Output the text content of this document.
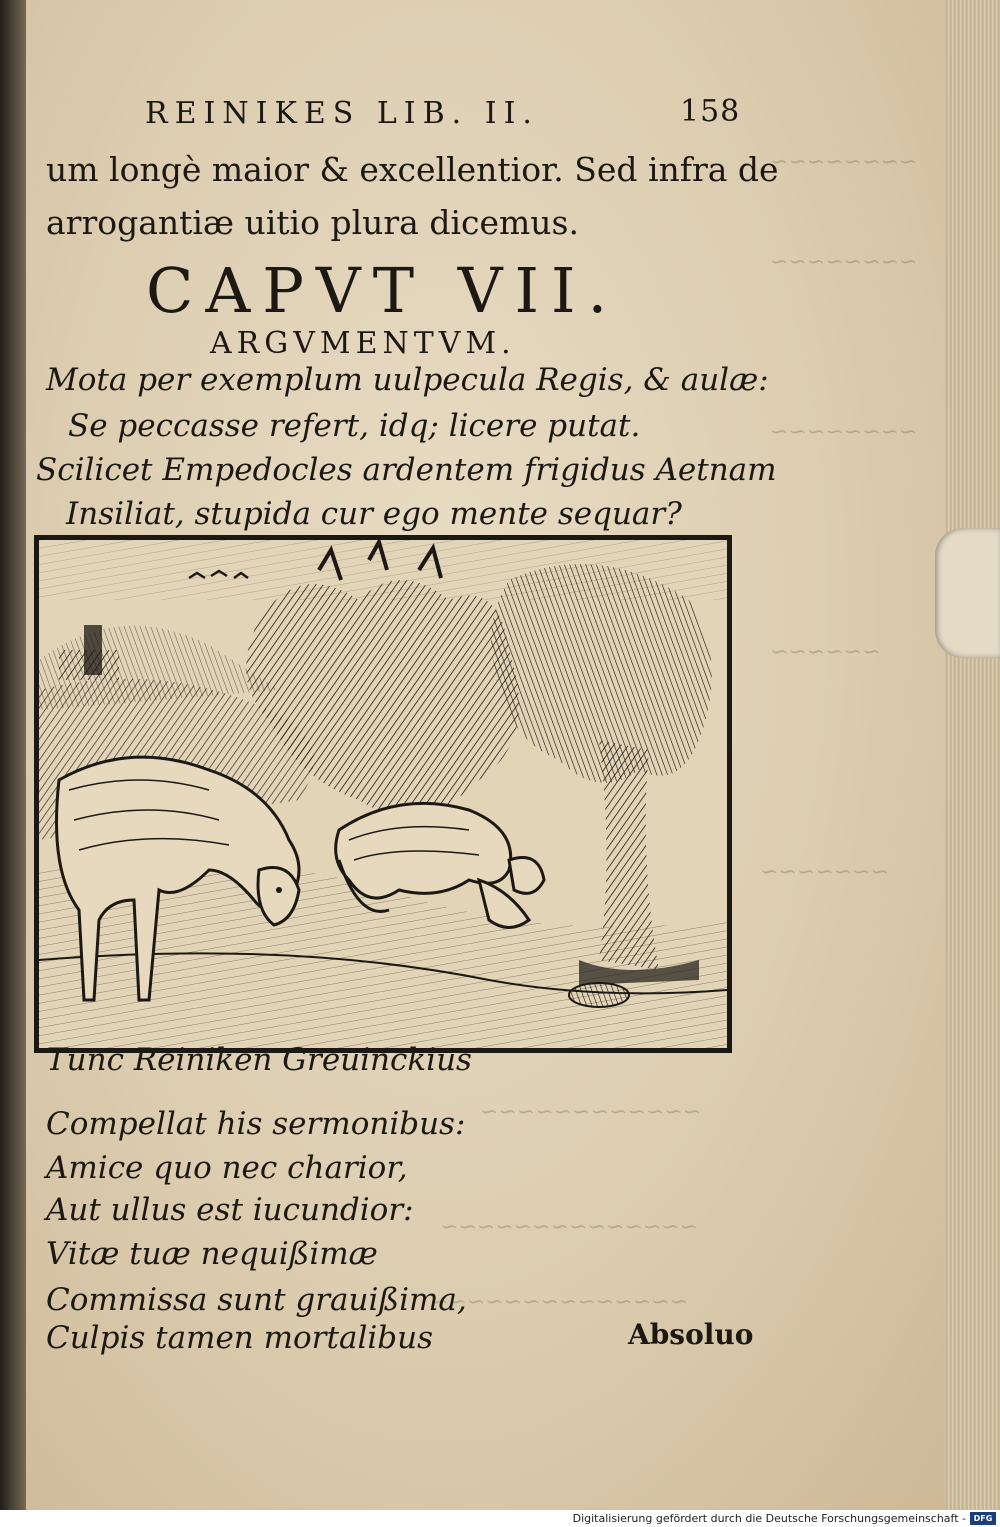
~~~~~~~~
~~~~~~~~
~~~~~~~~
~~~~~~
~~~~~~~
~~~~~~~~~~~~
~~~~~~~~~~~~~~
~~~~~~~~~~~~~~
REINIKES LIB. II.	158
um longè maior & excellentior. Sed infra de
arrogantiæ uitio plura dicemus.
CAPVT VII.
ARGVMENTVM.
Mota per exemplum uulpecula Regis, & aulæ:
Se peccasse refert, idq; licere putat.
Scilicet Empedocles ardentem frigidus Aetnam
Insiliat, stupida cur ego mente sequar?
Tunc Reiniken Greuinckius
Compellat his sermonibus:
Amice quo nec charior,
Aut ullus est iucundior:
Vitæ tuæ nequißimæ
Commissa sunt grauißima,
Culpis tamen mortalibus	Absoluo
Digitalisierung gefördert durch die Deutsche Forschungsgemeinschaft - DFG
